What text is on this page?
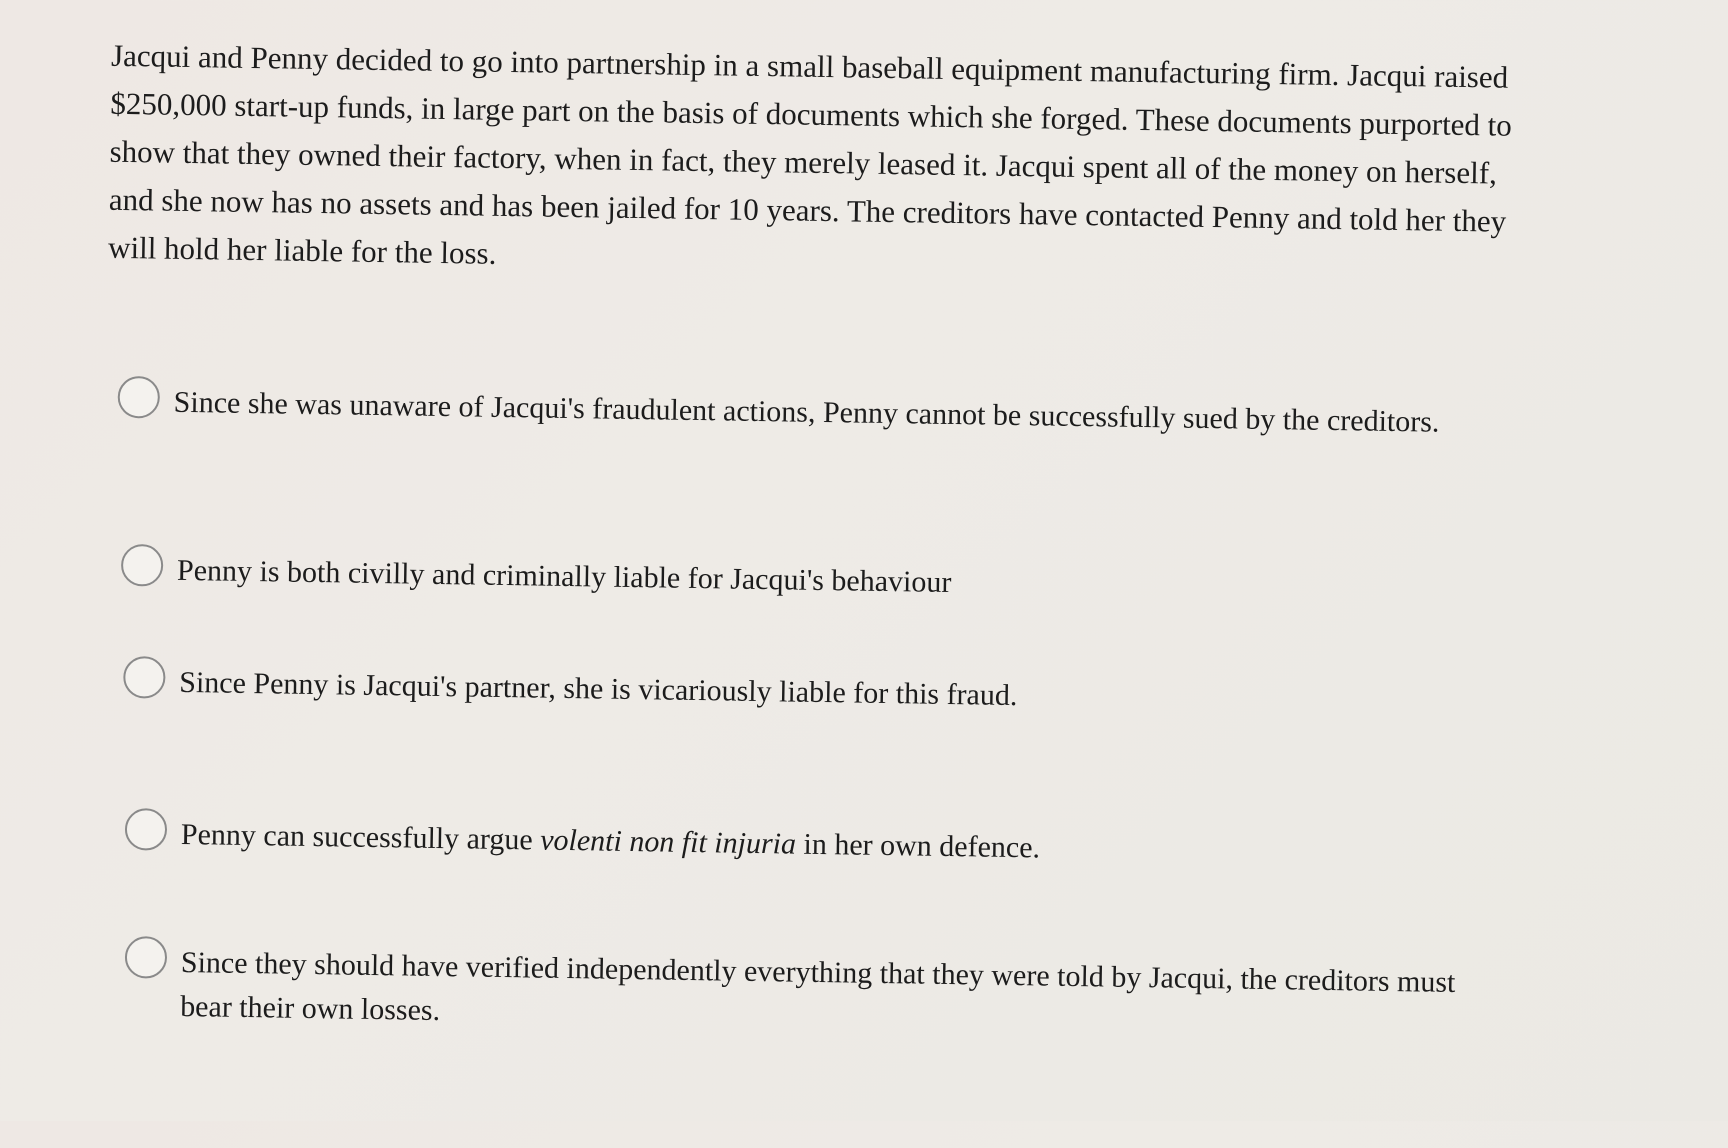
Jacqui and Penny decided to go into partnership in a small baseball equipment manufacturing firm. Jacqui raised $250,000 start-up funds, in large part on the basis of documents which she forged. These documents purported to show that they owned their factory, when in fact, they merely leased it. Jacqui spent all of the money on herself, and she now has no assets and has been jailed for 10 years. The creditors have contacted Penny and told her they will hold her liable for the loss.

Since she was unaware of Jacqui's fraudulent actions, Penny cannot be successfully sued by the creditors.
Penny is both civilly and criminally liable for Jacqui's behaviour
Since Penny is Jacqui's partner, she is vicariously liable for this fraud.
Penny can successfully argue volenti non fit injuria in her own defence.
Since they should have verified independently everything that they were told by Jacqui, the creditors must bear their own losses.
